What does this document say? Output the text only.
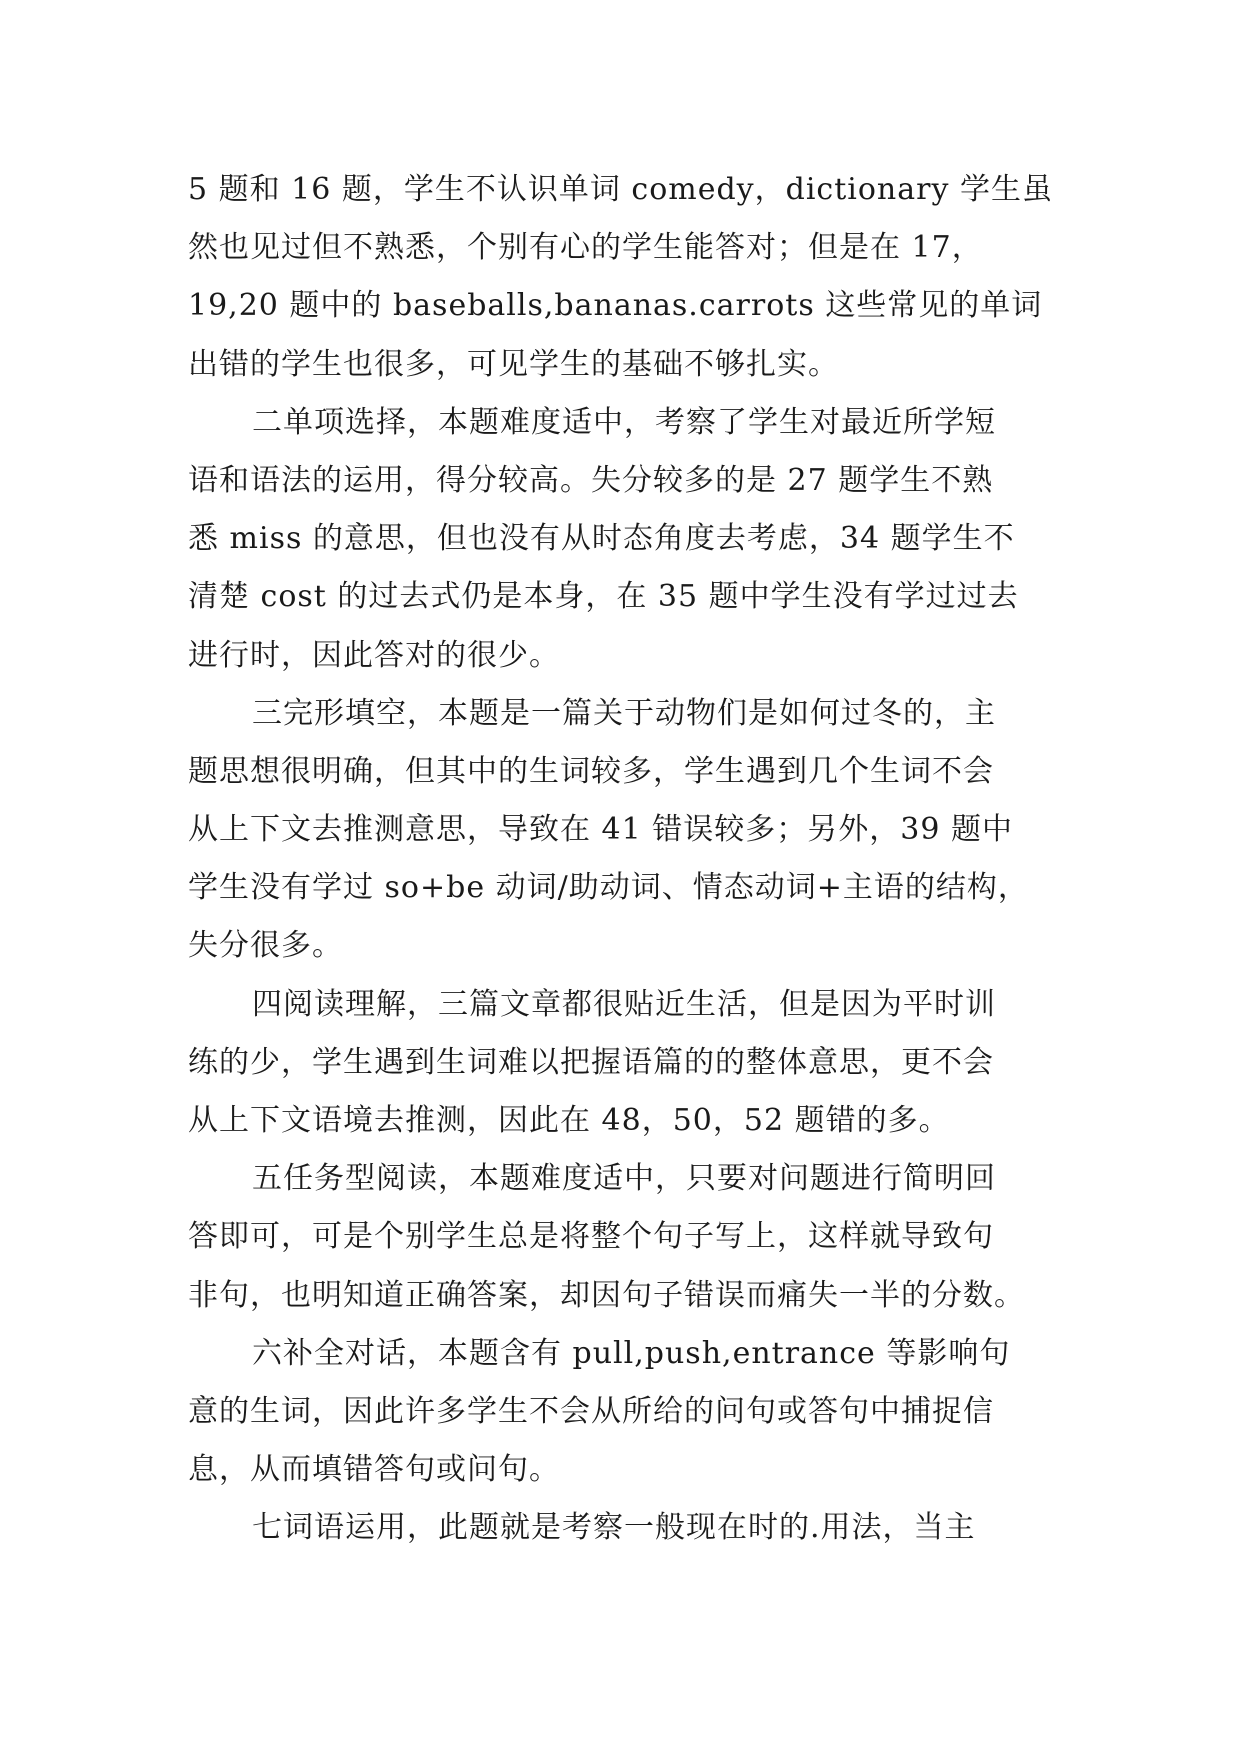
5 题和 16 题，学生不认识单词 comedy，dictionary 学生虽
然也见过但不熟悉，个别有心的学生能答对；但是在 17，
19,20 题中的 baseballs,bananas.carrots 这些常见的单词
出错的学生也很多，可见学生的基础不够扎实。

二单项选择，本题难度适中，考察了学生对最近所学短
语和语法的运用，得分较高。失分较多的是 27 题学生不熟
悉 miss 的意思，但也没有从时态角度去考虑，34 题学生不
清楚 cost 的过去式仍是本身，在 35 题中学生没有学过过去
进行时，因此答对的很少。

三完形填空，本题是一篇关于动物们是如何过冬的，主
题思想很明确，但其中的生词较多，学生遇到几个生词不会
从上下文去推测意思，导致在 41 错误较多；另外，39 题中
学生没有学过 so+be 动词/助动词、情态动词+主语的结构，
失分很多。

四阅读理解，三篇文章都很贴近生活，但是因为平时训
练的少，学生遇到生词难以把握语篇的的整体意思，更不会
从上下文语境去推测，因此在 48，50，52 题错的多。

五任务型阅读，本题难度适中，只要对问题进行简明回
答即可，可是个别学生总是将整个句子写上，这样就导致句
非句，也明知道正确答案，却因句子错误而痛失一半的分数。

六补全对话，本题含有 pull,push,entrance 等影响句
意的生词，因此许多学生不会从所给的问句或答句中捕捉信
息，从而填错答句或问句。

七词语运用，此题就是考察一般现在时的.用法，当主
